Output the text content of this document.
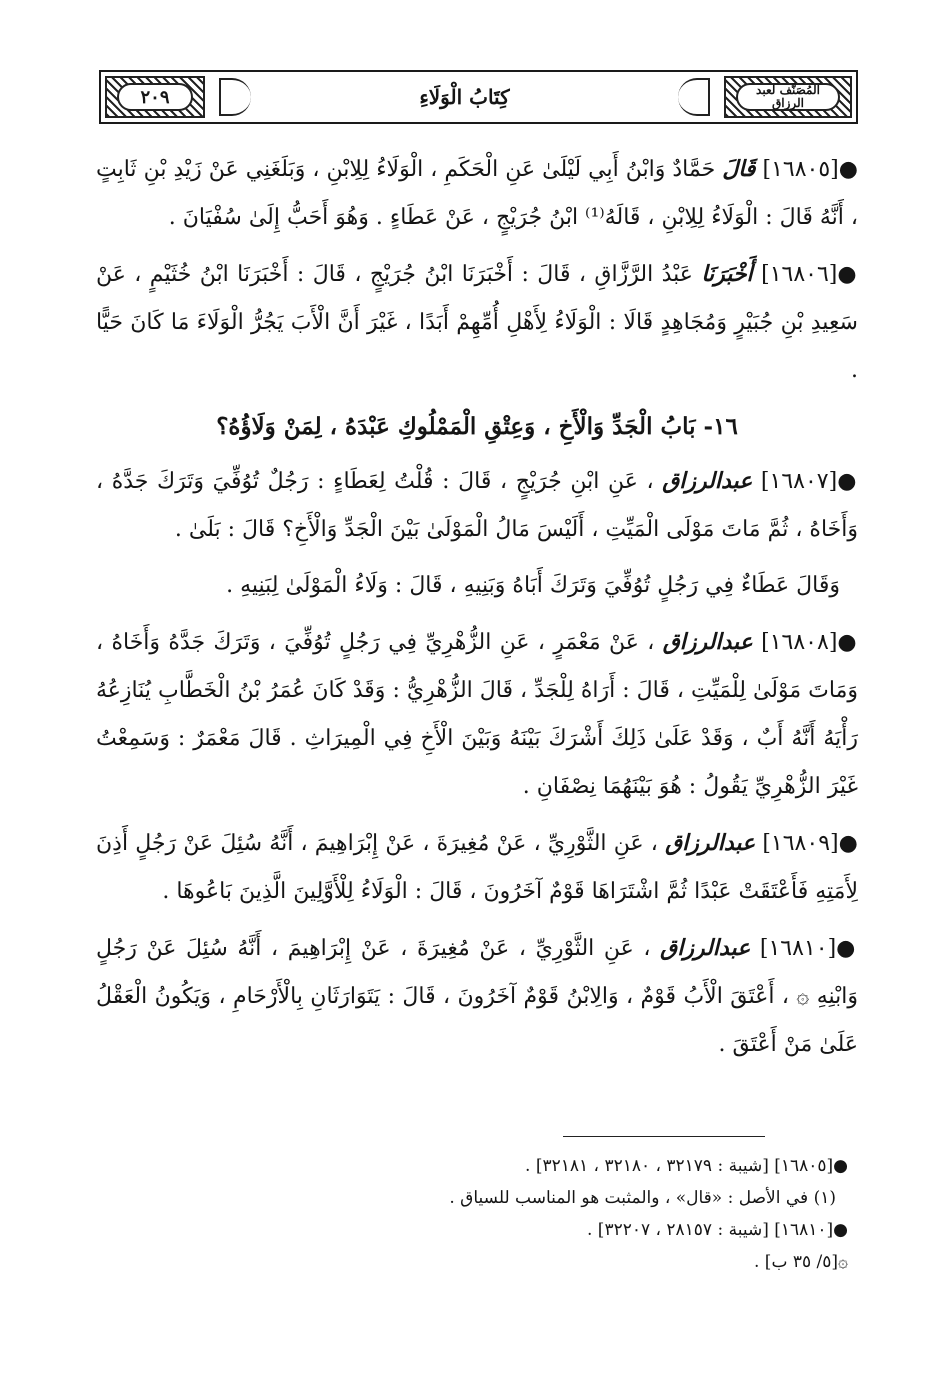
٢٠٩	كِتَابُ الْوَلَاءِ	المُصَنَّف لعبد الرزاق

●[١٦٨٠٥] قَالَ حَمَّادٌ وَابْنُ أَبِي لَيْلَىٰ عَنِ الْحَكَمِ ، الْوَلَاءُ لِلِابْنِ ، وَبَلَغَنِي عَنْ زَيْدِ بْنِ ثَابِتٍ ، أَنَّهُ قَالَ : الْوَلَاءُ لِلِابْنِ ، قَالَهُ⁽¹⁾ ابْنُ جُرَيْجٍ ، عَنْ عَطَاءٍ . وَهُوَ أَحَبُّ إِلَىٰ سُفْيَانَ .

●[١٦٨٠٦] أَخْبَرَنَا عَبْدُ الرَّزَّاقِ ، قَالَ : أَخْبَرَنَا ابْنُ جُرَيْجٍ ، قَالَ : أَخْبَرَنَا ابْنُ خُثَيْمٍ ، عَنْ سَعِيدِ بْنِ جُبَيْرٍ وَمُجَاهِدٍ قَالَا : الْوَلَاءُ لِأَهْلِ أُمِّهِمْ أَبَدًا ، غَيْرَ أَنَّ الْأَبَ يَجُرُّ الْوَلَاءَ مَا كَانَ حَيًّا .

١٦- بَابُ الْجَدِّ وَالْأَخِ ، وَعِتْقِ الْمَمْلُوكِ عَبْدَهُ ، لِمَنْ وَلَاؤُهُ؟

●[١٦٨٠٧] عبدالرزاق ، عَنِ ابْنِ جُرَيْجٍ ، قَالَ : قُلْتُ لِعَطَاءٍ : رَجُلٌ تُوُفِّيَ وَتَرَكَ جَدَّهُ ، وَأَخَاهُ ، ثُمَّ مَاتَ مَوْلَى الْمَيِّتِ ، أَلَيْسَ مَالُ الْمَوْلَىٰ بَيْنَ الْجَدِّ وَالْأَخِ؟ قَالَ : بَلَىٰ .

وَقَالَ عَطَاءٌ فِي رَجُلٍ تُوُفِّيَ وَتَرَكَ أَبَاهُ وَبَنِيهِ ، قَالَ : وَلَاءُ الْمَوْلَىٰ لِبَنِيهِ .

●[١٦٨٠٨] عبدالرزاق ، عَنْ مَعْمَرٍ ، عَنِ الزُّهْرِيِّ فِي رَجُلٍ تُوُفِّيَ ، وَتَرَكَ جَدَّهُ وَأَخَاهُ ، وَمَاتَ مَوْلَىٰ لِلْمَيِّتِ ، قَالَ : أَرَاهُ لِلْجَدِّ ، قَالَ الزُّهْرِيُّ : وَقَدْ كَانَ عُمَرُ بْنُ الْخَطَّابِ يُنَازِعُهُ رَأْيَهُ أَنَّهُ أَبٌ ، وَقَدْ عَلَىٰ ذَلِكَ أَشْرَكَ بَيْنَهُ وَبَيْنَ الْأَخِ فِي الْمِيرَاثِ . قَالَ مَعْمَرٌ : وَسَمِعْتُ غَيْرَ الزُّهْرِيِّ يَقُولُ : هُوَ بَيْنَهُمَا نِصْفَانِ .

●[١٦٨٠٩] عبدالرزاق ، عَنِ الثَّوْرِيِّ ، عَنْ مُغِيرَةَ ، عَنْ إِبْرَاهِيمَ ، أَنَّهُ سُئِلَ عَنْ رَجُلٍ أَذِنَ لِأَمَتِهِ فَأَعْتَقَتْ عَبْدًا ثُمَّ اشْتَرَاهَا قَوْمٌ آخَرُونَ ، قَالَ : الْوَلَاءُ لِلْأَوَّلِينَ الَّذِينَ بَاعُوهَا .

●[١٦٨١٠] عبدالرزاق ، عَنِ الثَّوْرِيِّ ، عَنْ مُغِيرَةَ ، عَنْ إِبْرَاهِيمَ ، أَنَّهُ سُئِلَ عَنْ رَجُلٍ وَابْنِهِ ۞ ، أَعْتَقَ الْأَبُ قَوْمٌ ، وَالِابْنُ قَوْمٌ آخَرُونَ ، قَالَ : يَتَوَارَثَانِ بِالْأَرْحَامِ ، وَيَكُونُ الْعَقْلُ عَلَىٰ مَنْ أَعْتَقَ .

●[١٦٨٠٥] [شيبة : ٣٢١٧٩ ، ٣٢١٨٠ ، ٣٢١٨١] .
(١) في الأصل : «قال» ، والمثبت هو المناسب للسياق .
●[١٦٨١٠] [شيبة : ٢٨١٥٧ ، ٣٢٢٠٧] .
۞[٥/ ٣٥ ب] .
